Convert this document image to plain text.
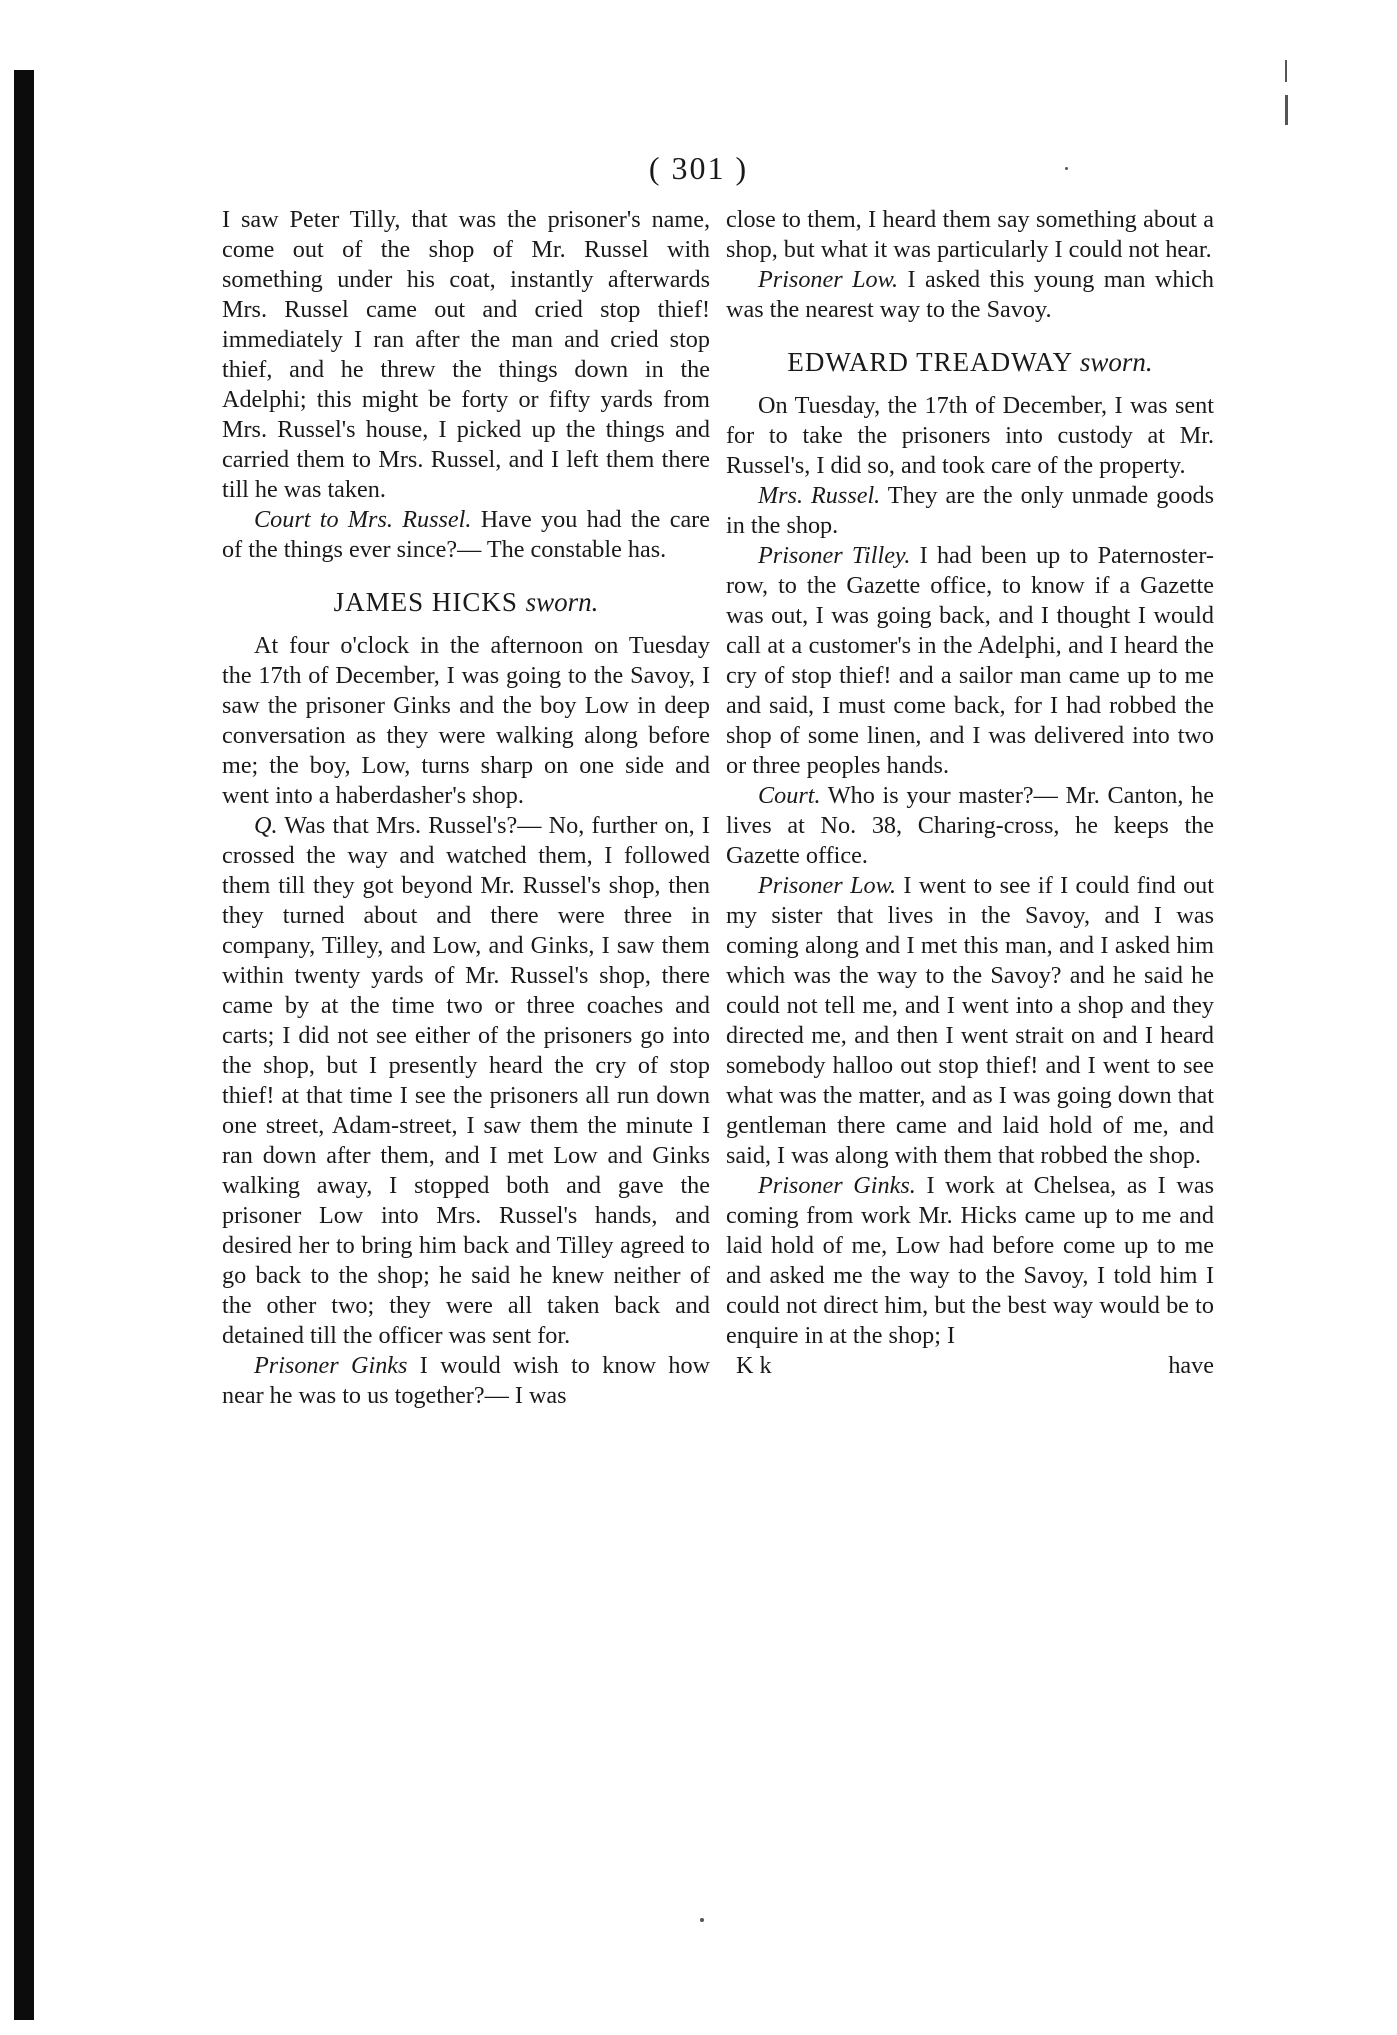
( 301 )

I saw Peter Tilly, that was the prisoner's name, come out of the shop of Mr. Russel with something under his coat, instantly afterwards Mrs. Russel came out and cried stop thief! immediately I ran after the man and cried stop thief, and he threw the things down in the Adelphi; this might be forty or fifty yards from Mrs. Russel's house, I picked up the things and carried them to Mrs. Russel, and I left them there till he was taken.

Court to Mrs. Russel. Have you had the care of the things ever since?— The constable has.

JAMES HICKS sworn.

At four o'clock in the afternoon on Tuesday the 17th of December, I was going to the Savoy, I saw the prisoner Ginks and the boy Low in deep conversation as they were walking along before me; the boy, Low, turns sharp on one side and went into a haberdasher's shop.

Q. Was that Mrs. Russel's?— No, further on, I crossed the way and watched them, I followed them till they got beyond Mr. Russel's shop, then they turned about and there were three in company, Tilley, and Low, and Ginks, I saw them within twenty yards of Mr. Russel's shop, there came by at the time two or three coaches and carts; I did not see either of the prisoners go into the shop, but I presently heard the cry of stop thief! at that time I see the prisoners all run down one street, Adam-street, I saw them the minute I ran down after them, and I met Low and Ginks walking away, I stopped both and gave the prisoner Low into Mrs. Russel's hands, and desired her to bring him back and Tilley agreed to go back to the shop; he said he knew neither of the other two; they were all taken back and detained till the officer was sent for.

Prisoner Ginks I would wish to know how near he was to us together?— I was

close to them, I heard them say something about a shop, but what it was particularly I could not hear.

Prisoner Low. I asked this young man which was the nearest way to the Savoy.

EDWARD TREADWAY sworn.

On Tuesday, the 17th of December, I was sent for to take the prisoners into custody at Mr. Russel's, I did so, and took care of the property.

Mrs. Russel. They are the only unmade goods in the shop.

Prisoner Tilley. I had been up to Paternoster-row, to the Gazette office, to know if a Gazette was out, I was going back, and I thought I would call at a customer's in the Adelphi, and I heard the cry of stop thief! and a sailor man came up to me and said, I must come back, for I had robbed the shop of some linen, and I was delivered into two or three peoples hands.

Court. Who is your master?— Mr. Canton, he lives at No. 38, Charing-cross, he keeps the Gazette office.

Prisoner Low. I went to see if I could find out my sister that lives in the Savoy, and I was coming along and I met this man, and I asked him which was the way to the Savoy? and he said he could not tell me, and I went into a shop and they directed me, and then I went strait on and I heard somebody halloo out stop thief! and I went to see what was the matter, and as I was going down that gentleman there came and laid hold of me, and said, I was along with them that robbed the shop.

Prisoner Ginks. I work at Chelsea, as I was coming from work Mr. Hicks came up to me and laid hold of me, Low had before come up to me and asked me the way to the Savoy, I told him I could not direct him, but the best way would be to enquire in at the shop; I

K k	have
